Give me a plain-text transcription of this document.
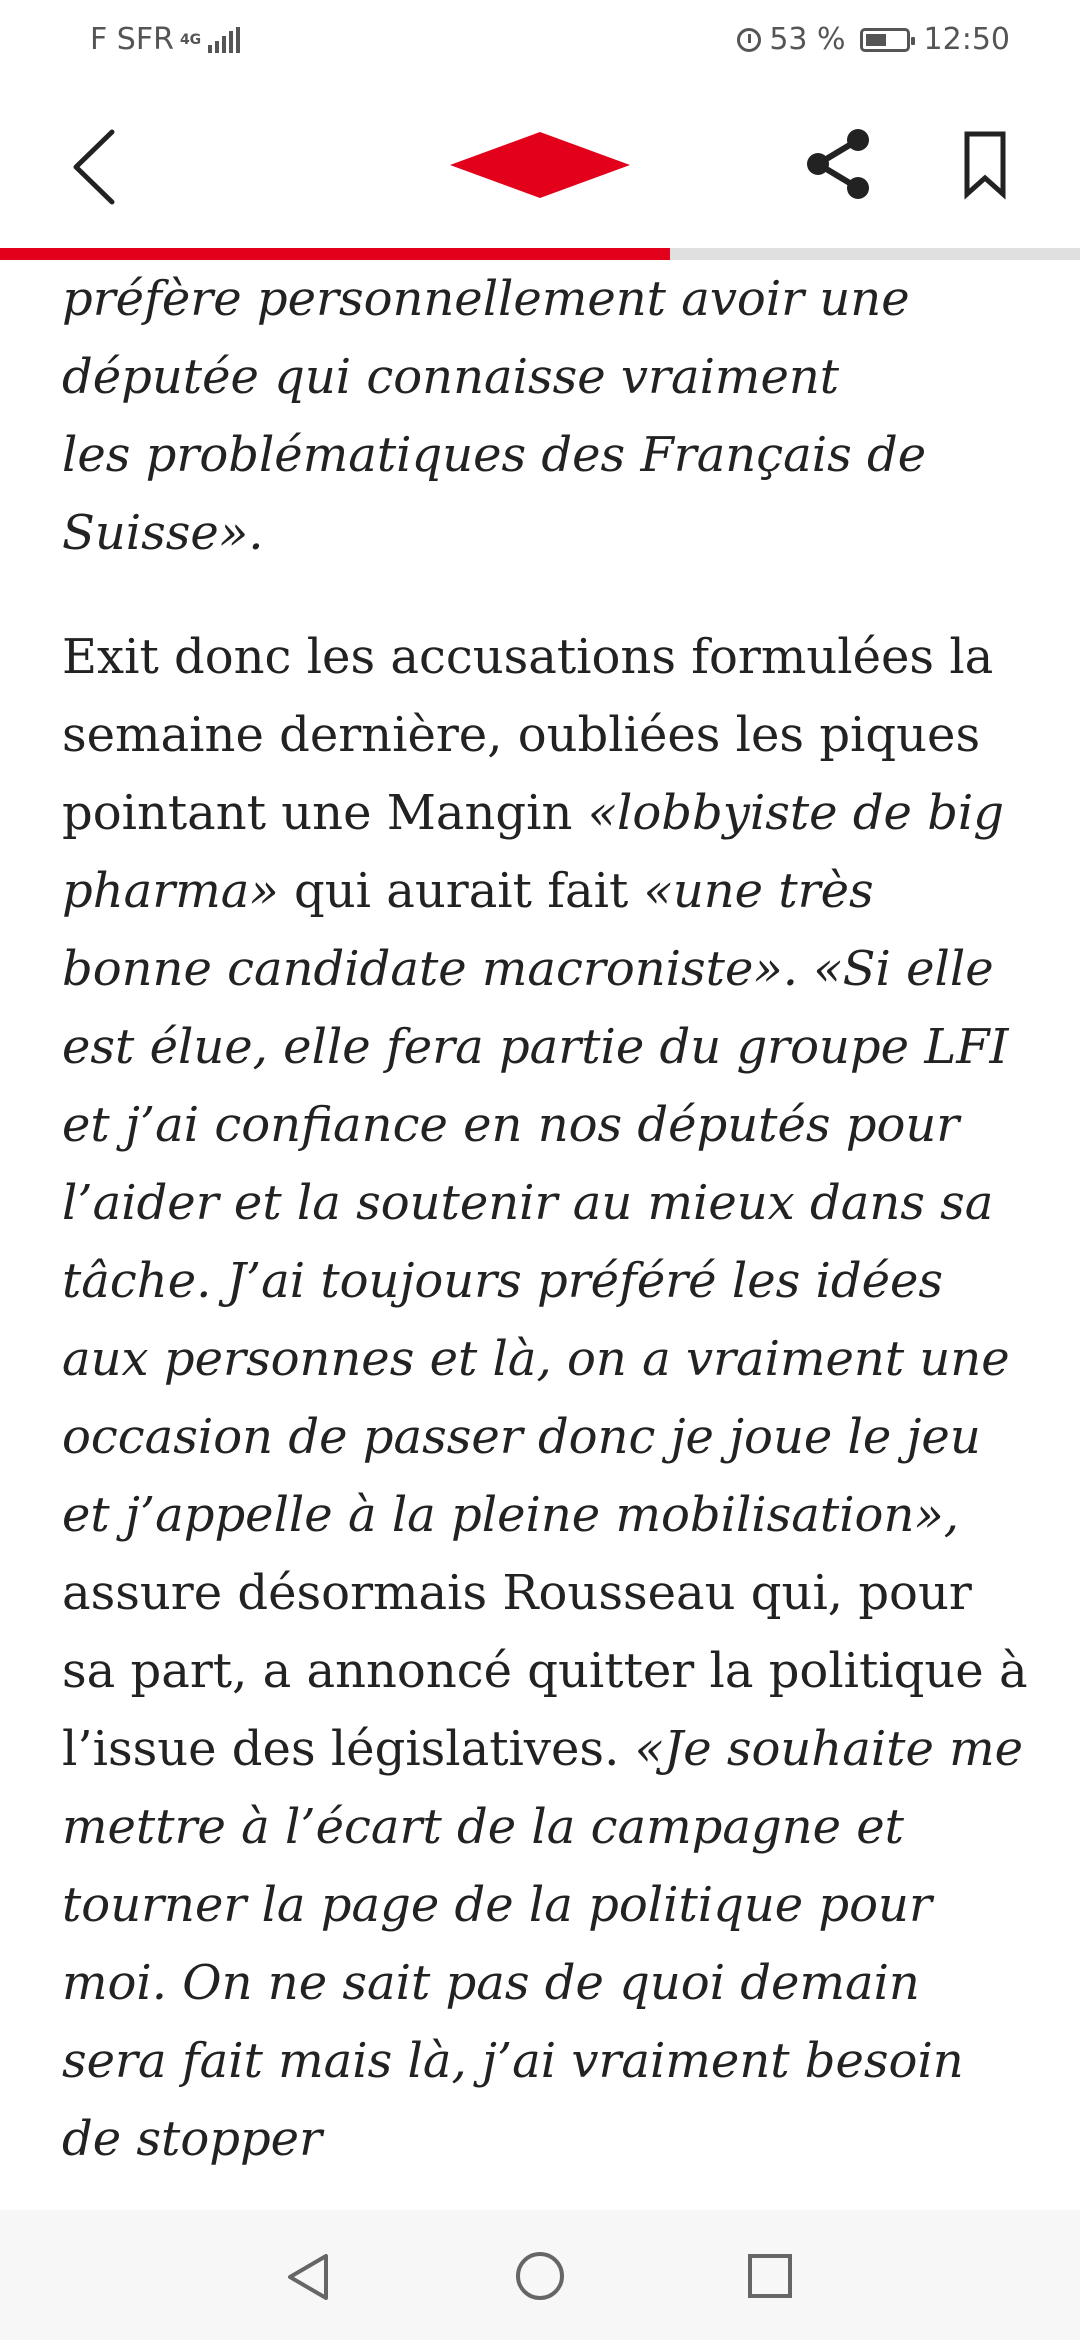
F SFR 4G	53 %	12:50

préfère personnellement avoir une
députée qui connaisse vraiment
les problématiques des Français de
Suisse».

Exit donc les accusations formulées la semaine dernière, oubliées les piques pointant une Mangin «lobbyiste de big pharma» qui aurait fait «une très bonne candidate macroniste». «Si elle est élue, elle fera partie du groupe LFI et j’ai confiance en nos députés pour l’aider et la soutenir au mieux dans sa tâche. J’ai toujours préféré les idées aux personnes et là, on a vraiment une occasion de passer donc je joue le jeu et j’appelle à la pleine mobilisation», assure désormais Rousseau qui, pour sa part, a annoncé quitter la politique à l’issue des législatives. «Je souhaite me mettre à l’écart de la campagne et tourner la page de la politique pour moi. On ne sait pas de quoi demain sera fait mais là, j’ai vraiment besoin de stopper
